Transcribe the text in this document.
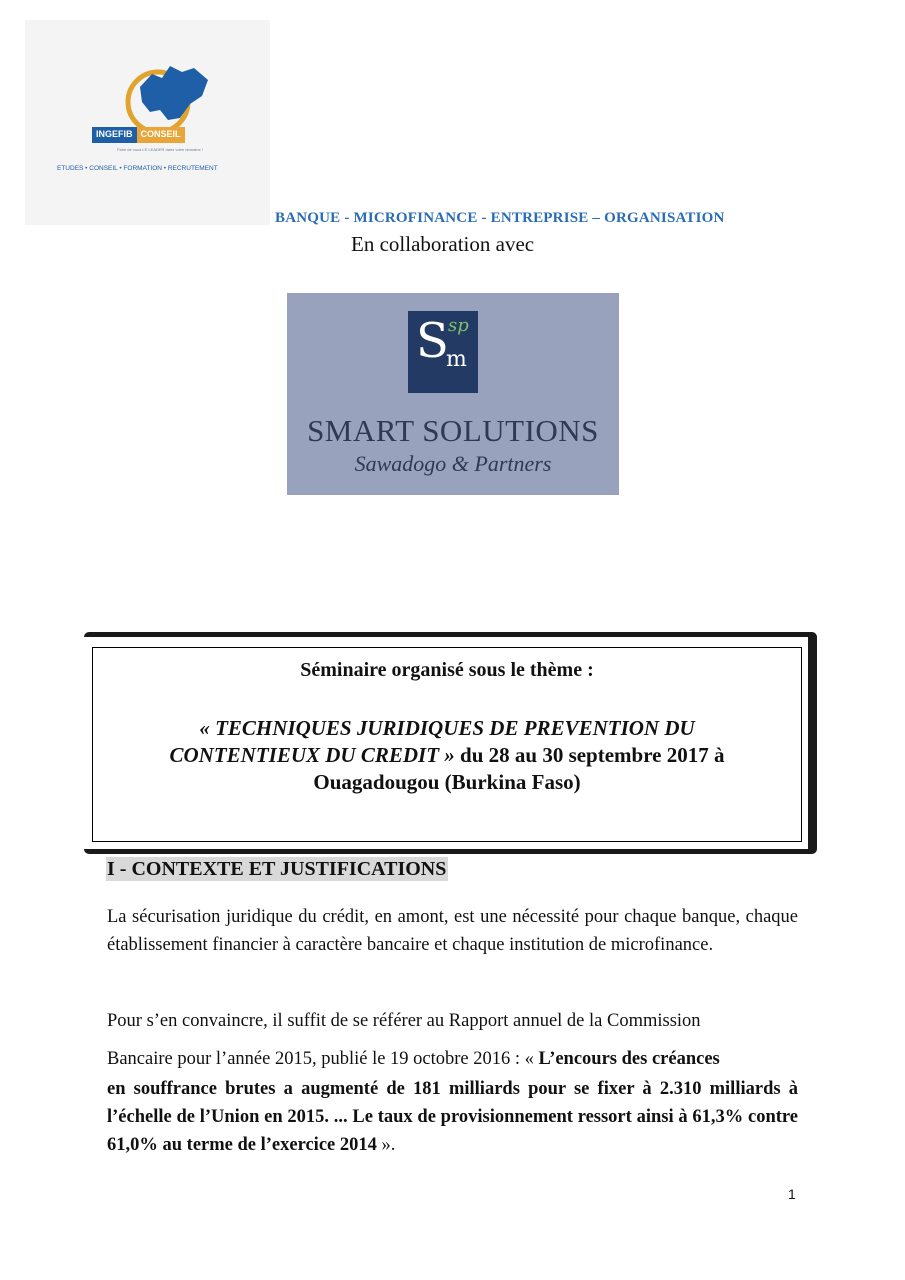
INGEFIB CONSEIL
Faire de vous LE LEADER dans votre domaine !
ETUDES • CONSEIL • FORMATION • RECRUTEMENT
BANQUE - MICROFINANCE - ENTREPRISE – ORGANISATION
En collaboration avec
S sp
m
SMART SOLUTIONS
Sawadogo & Partners
Séminaire organisé sous le thème :
« TECHNIQUES JURIDIQUES DE PREVENTION DU
CONTENTIEUX DU CREDIT » du 28 au 30 septembre 2017 à
Ouagadougou (Burkina Faso)
I - CONTEXTE ET JUSTIFICATIONS
La sécurisation juridique du crédit, en amont, est une nécessité pour chaque banque, chaque établissement financier à caractère bancaire et chaque institution de microfinance.
Pour s’en convaincre, il suffit de se référer au Rapport annuel de la Commission
Bancaire pour l’année 2015, publié le 19 octobre 2016 : « L’encours des créances
en souffrance brutes a augmenté de 181 milliards pour se fixer à 2.310 milliards à l’échelle de l’Union en 2015. ... Le taux de provisionnement ressort ainsi à 61,3% contre 61,0% au terme de l’exercice 2014 ».
1
